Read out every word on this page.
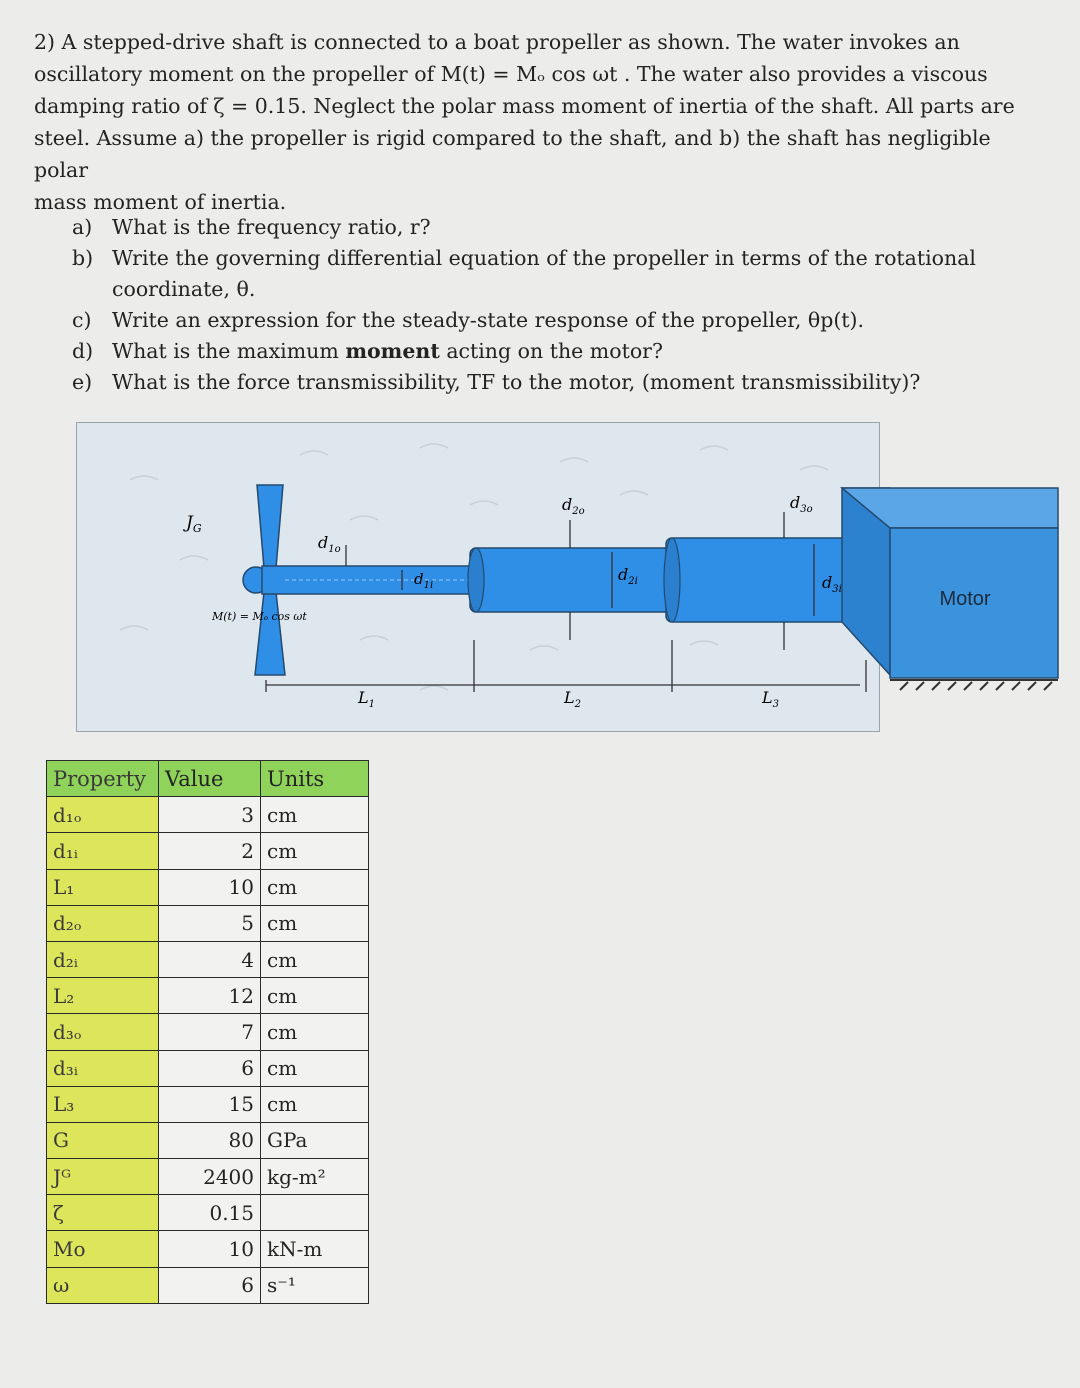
2) A stepped-drive shaft is connected to a boat propeller as shown. The water invokes an

oscillatory moment on the propeller of M(t) = Mₒ cos ωt . The water also provides a viscous

damping ratio of ζ = 0.15. Neglect the polar mass moment of inertia of the shaft. All parts are

steel. Assume a) the propeller is rigid compared to the shaft, and b) the shaft has negligible polar

mass moment of inertia.

a) What is the frequency ratio, r?
b) Write the governing differential equation of the propeller in terms of the rotational
coordinate, θ.
c)	Write an expression for the steady-state response of the propeller, θp(t).
d) What is the maximum moment acting on the motor?
e) What is the force transmissibility, TF to the motor, (moment transmissibility)?
Motor
$J_G$
M(t) = Mₒ cos ωt
$d_{1o}$
$d_{1i}$
$d_{2o}$
$d_{2i}$
$d_{3o}$
$d_{3i}$
$L_1$	$L_2$	$L_3$
Property	Value	Units
d₁ₒ	3	cm
d₁ᵢ	2	cm
L₁	10	cm
d₂ₒ	5	cm
d₂ᵢ	4	cm
L₂	12	cm
d₃ₒ	7	cm
d₃ᵢ	6	cm
L₃	15	cm
G	80	GPa
Jᴳ	2400	kg-m²
ζ	0.15	
Mo	10	kN-m
ω	6	s⁻¹
